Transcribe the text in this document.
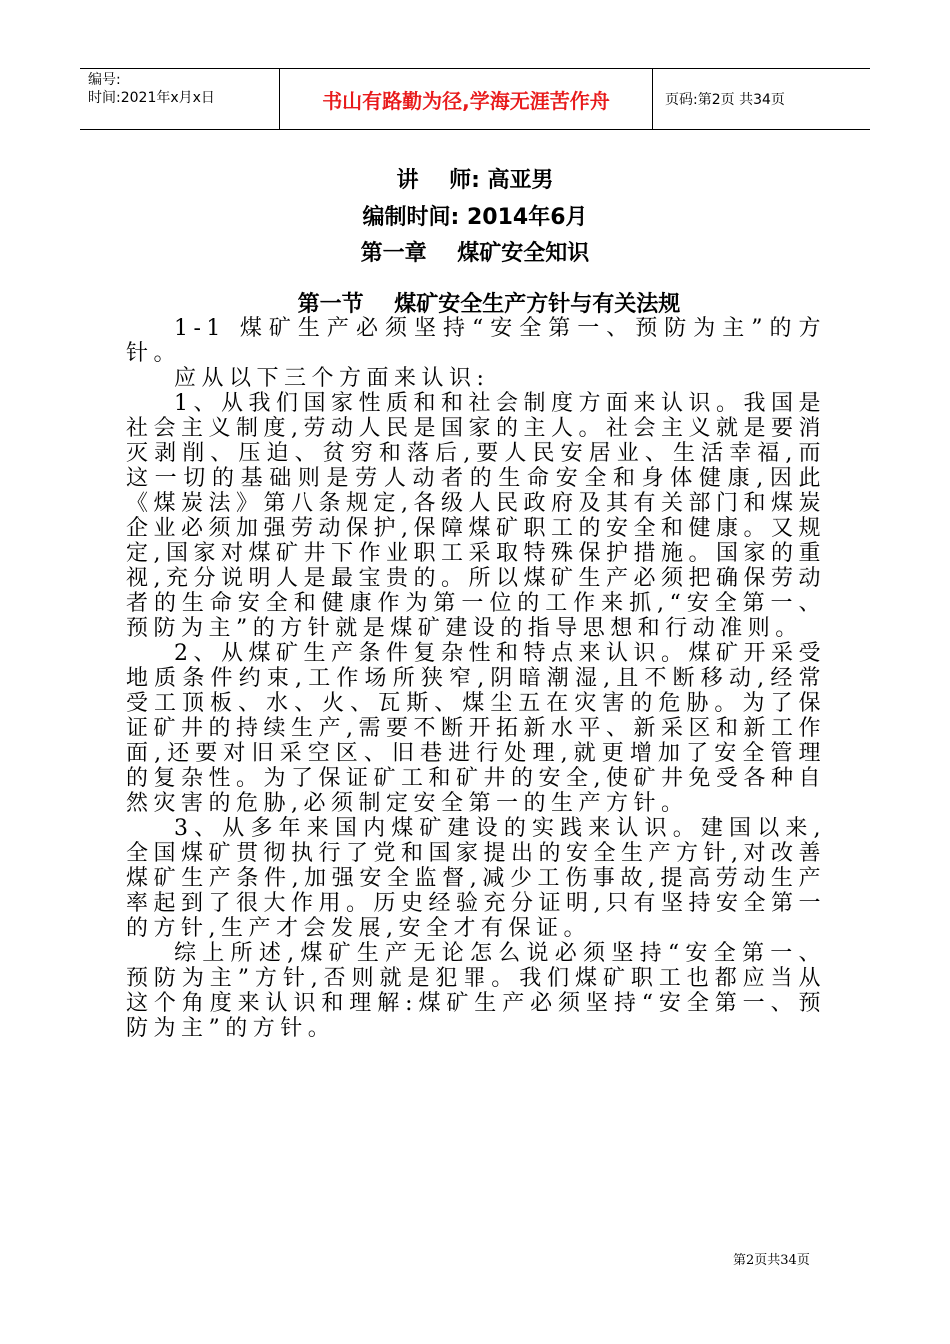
编号:
时间:2021年x月x日	书山有路勤为径,学海无涯苦作舟	页码:第2页 共34页
讲    师: 高亚男
编制时间: 2014年6月
第一章    煤矿安全知识
第一节    煤矿安全生产方针与有关法规

1-1 煤矿生产必须坚持“安全第一、预防为主”的方针。

应从以下三个方面来认识:

1、从我们国家性质和和社会制度方面来认识。我国是社会主义制度,劳动人民是国家的主人。社会主义就是要消灭剥削、压迫、贫穷和落后,要人民安居业、生活幸福,而这一切的基础则是劳人动者的生命安全和身体健康,因此《煤炭法》第八条规定,各级人民政府及其有关部门和煤炭企业必须加强劳动保护,保障煤矿职工的安全和健康。又规定,国家对煤矿井下作业职工采取特殊保护措施。国家的重视,充分说明人是最宝贵的。所以煤矿生产必须把确保劳动者的生命安全和健康作为第一位的工作来抓,“安全第一、预防为主”的方针就是煤矿建设的指导思想和行动准则。

2、从煤矿生产条件复杂性和特点来认识。煤矿开采受地质条件约束,工作场所狭窄,阴暗潮湿,且不断移动,经常受工顶板、水、火、瓦斯、煤尘五在灾害的危胁。为了保证矿井的持续生产,需要不断开拓新水平、新采区和新工作面,还要对旧采空区、旧巷进行处理,就更增加了安全管理的复杂性。为了保证矿工和矿井的安全,使矿井免受各种自然灾害的危胁,必须制定安全第一的生产方针。

3、从多年来国内煤矿建设的实践来认识。建国以来,全国煤矿贯彻执行了党和国家提出的安全生产方针,对改善煤矿生产条件,加强安全监督,减少工伤事故,提高劳动生产率起到了很大作用。历史经验充分证明,只有坚持安全第一的方针,生产才会发展,安全才有保证。

综上所述,煤矿生产无论怎么说必须坚持“安全第一、预防为主”方针,否则就是犯罪。我们煤矿职工也都应当从这个角度来认识和理解:煤矿生产必须坚持“安全第一、预防为主”的方针。

第2页共34页
